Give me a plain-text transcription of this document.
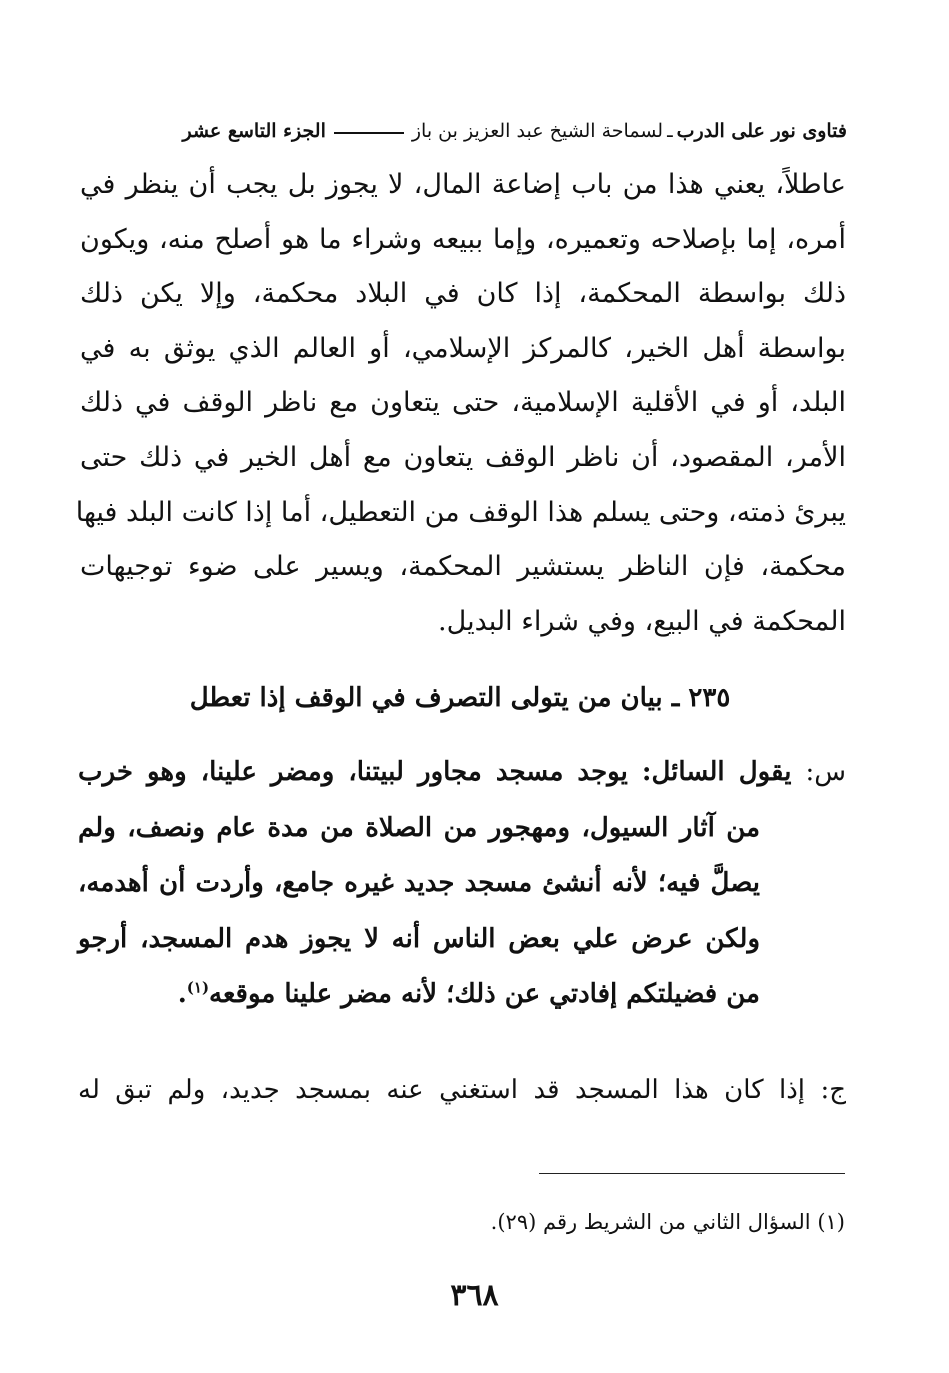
فتاوى نور على الدرب
ـ
لسماحة الشيخ عبد العزيز بن باز
الجزء التاسع عشر
عاطلاً، يعني هذا من باب إضاعة المال، لا يجوز بل يجب أن ينظر في
أمره، إما بإصلاحه وتعميره، وإما ببيعه وشراء ما هو أصلح منه، ويكون
ذلك بواسطة المحكمة، إذا كان في البلاد محكمة، وإلا يكن ذلك
بواسطة أهل الخير، كالمركز الإسلامي، أو العالم الذي يوثق به في
البلد، أو في الأقلية الإسلامية، حتى يتعاون مع ناظر الوقف في ذلك
الأمر، المقصود، أن ناظر الوقف يتعاون مع أهل الخير في ذلك حتى
يبرئ ذمته، وحتى يسلم هذا الوقف من التعطيل، أما إذا كانت البلد فيها
محكمة، فإن الناظر يستشير المحكمة، ويسير على ضوء توجيهات
المحكمة في البيع، وفي شراء البديل.
٢٣٥ ـ بيان من يتولى التصرف في الوقف إذا تعطل
س: يقول السائل: يوجد مسجد مجاور لبيتنا، ومضر علينا، وهو خرب
من آثار السيول، ومهجور من الصلاة من مدة عام ونصف، ولم
يصلَّ فيه؛ لأنه أنشئ مسجد جديد غيره جامع، وأردت أن أهدمه،
ولكن عرض علي بعض الناس أنه لا يجوز هدم المسجد، أرجو
من فضيلتكم إفادتي عن ذلك؛ لأنه مضر علينا موقعه$^{(١)}$.
ج: إذا كان هذا المسجد قد استغني عنه بمسجد جديد، ولم تبق له
(١) السؤال الثاني من الشريط رقم (٢٩).
٣٦٨
